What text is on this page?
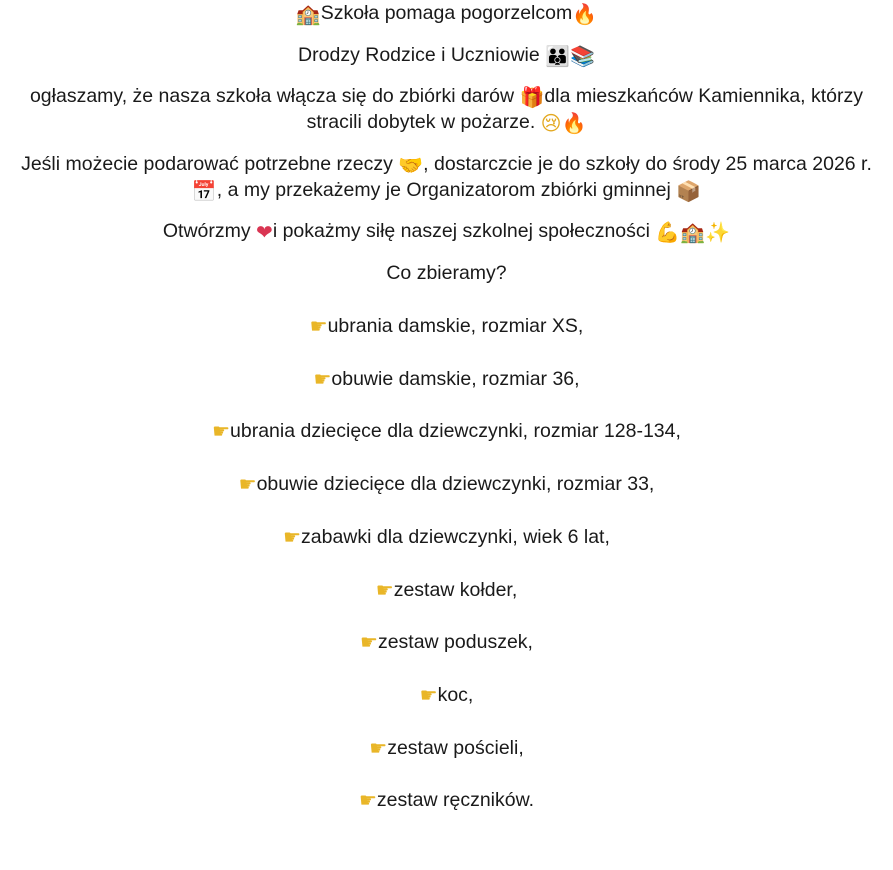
🏫Szkoła pomaga pogorzelcom🔥

Drodzy Rodzice i Uczniowie 👪📚

ogłaszamy, że nasza szkoła włącza się do zbiórki darów 🎁dla mieszkańców Kamiennika, którzy stracili dobytek w pożarze. 😢🔥

Jeśli możecie podarować potrzebne rzeczy 🤝, dostarczcie je do szkoły do środy 25 marca 2026 r. 📅, a my przekażemy je Organizatorom zbiórki gminnej 📦

Otwórzmy ❤i pokażmy siłę naszej szkolnej społeczności 💪🏫✨

Co zbieramy?

☛ubrania damskie, rozmiar XS,
☛obuwie damskie, rozmiar 36,
☛ubrania dziecięce dla dziewczynki, rozmiar 128-134,
☛obuwie dziecięce dla dziewczynki, rozmiar 33,
☛zabawki dla dziewczynki, wiek 6 lat,
☛zestaw kołder,
☛zestaw poduszek,
☛koc,
☛zestaw pościeli,
☛zestaw ręczników.
